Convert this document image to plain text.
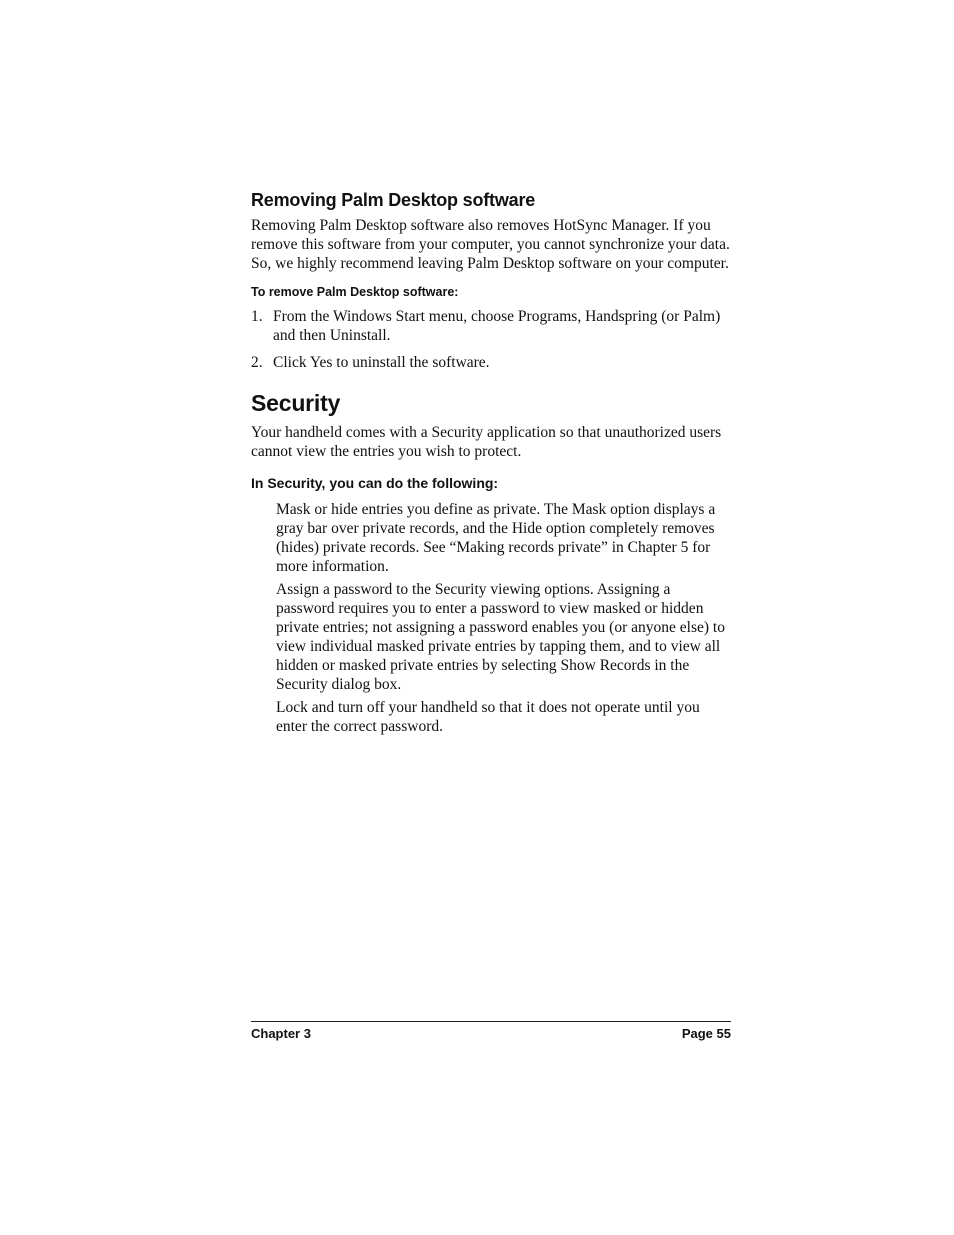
Removing Palm Desktop software

Removing Palm Desktop software also removes HotSync Manager. If you remove this software from your computer, you cannot synchronize your data. So, we highly recommend leaving Palm Desktop software on your computer.

To remove Palm Desktop software:
1. From the Windows Start menu, choose Programs, Handspring (or Palm) and then Uninstall.
2. Click Yes to uninstall the software.
Security

Your handheld comes with a Security application so that unauthorized users cannot view the entries you wish to protect.

In Security, you can do the following:

Mask or hide entries you define as private. The Mask option displays a gray bar over private records, and the Hide option completely removes (hides) private records. See “Making records private” in Chapter 5 for more information.

Assign a password to the Security viewing options. Assigning a password requires you to enter a password to view masked or hidden private entries; not assigning a password enables you (or anyone else) to view individual masked private entries by tapping them, and to view all hidden or masked private entries by selecting Show Records in the Security dialog box.

Lock and turn off your handheld so that it does not operate until you enter the correct password.

Chapter 3	Page 55
